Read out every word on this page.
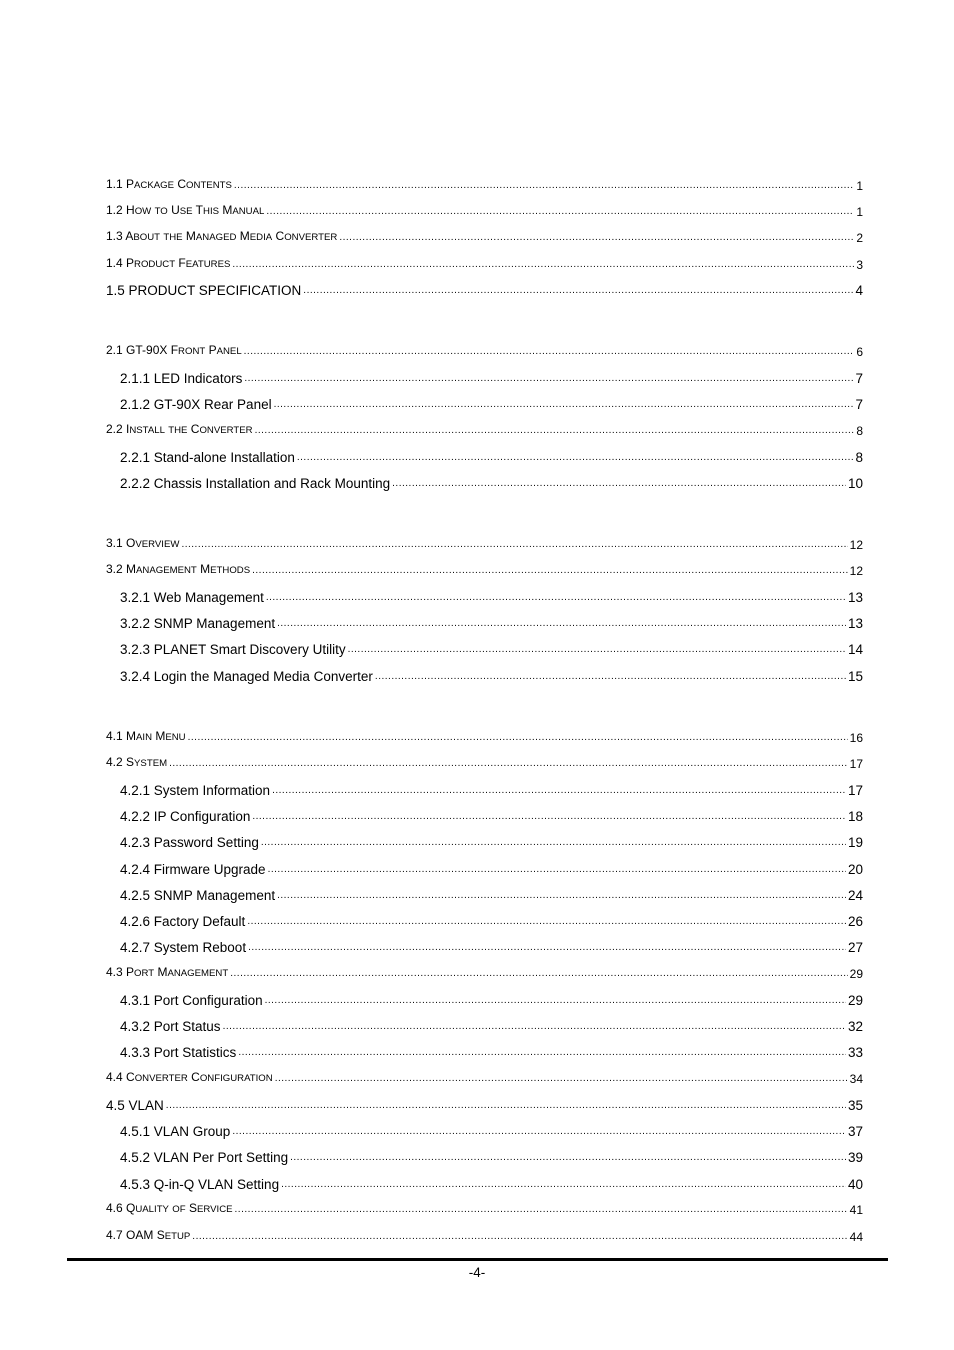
1.1 PACKAGE CONTENTS .....	1
1.2 HOW TO USE THIS MANUAL .....	1
1.3 ABOUT THE MANAGED MEDIA CONVERTER .....	2
1.4 PRODUCT FEATURES .....	3
1.5 PRODUCT SPECIFICATION .....	4
2.1 GT-90X FRONT PANEL .....	6
2.1.1 LED Indicators .....	7
2.1.2 GT-90X Rear Panel .....	7
2.2 INSTALL THE CONVERTER .....	8
2.2.1 Stand-alone Installation .....	8
2.2.2 Chassis Installation and Rack Mounting .....	10
3.1 OVERVIEW .....	12
3.2 MANAGEMENT METHODS .....	12
3.2.1 Web Management .....	13
3.2.2 SNMP Management .....	13
3.2.3 PLANET Smart Discovery Utility .....	14
3.2.4 Login the Managed Media Converter .....	15
4.1 MAIN MENU .....	16
4.2 SYSTEM .....	17
4.2.1 System Information .....	17
4.2.2 IP Configuration .....	18
4.2.3 Password Setting .....	19
4.2.4 Firmware Upgrade .....	20
4.2.5 SNMP Management .....	24
4.2.6 Factory Default .....	26
4.2.7 System Reboot .....	27
4.3 PORT MANAGEMENT .....	29
4.3.1 Port Configuration .....	29
4.3.2 Port Status .....	32
4.3.3 Port Statistics .....	33
4.4 CONVERTER CONFIGURATION .....	34
4.5 VLAN .....	35
4.5.1 VLAN Group .....	37
4.5.2 VLAN Per Port Setting .....	39
4.5.3 Q-in-Q VLAN Setting .....	40
4.6 QUALITY OF SERVICE .....	41
4.7 OAM SETUP .....	44
-4-
